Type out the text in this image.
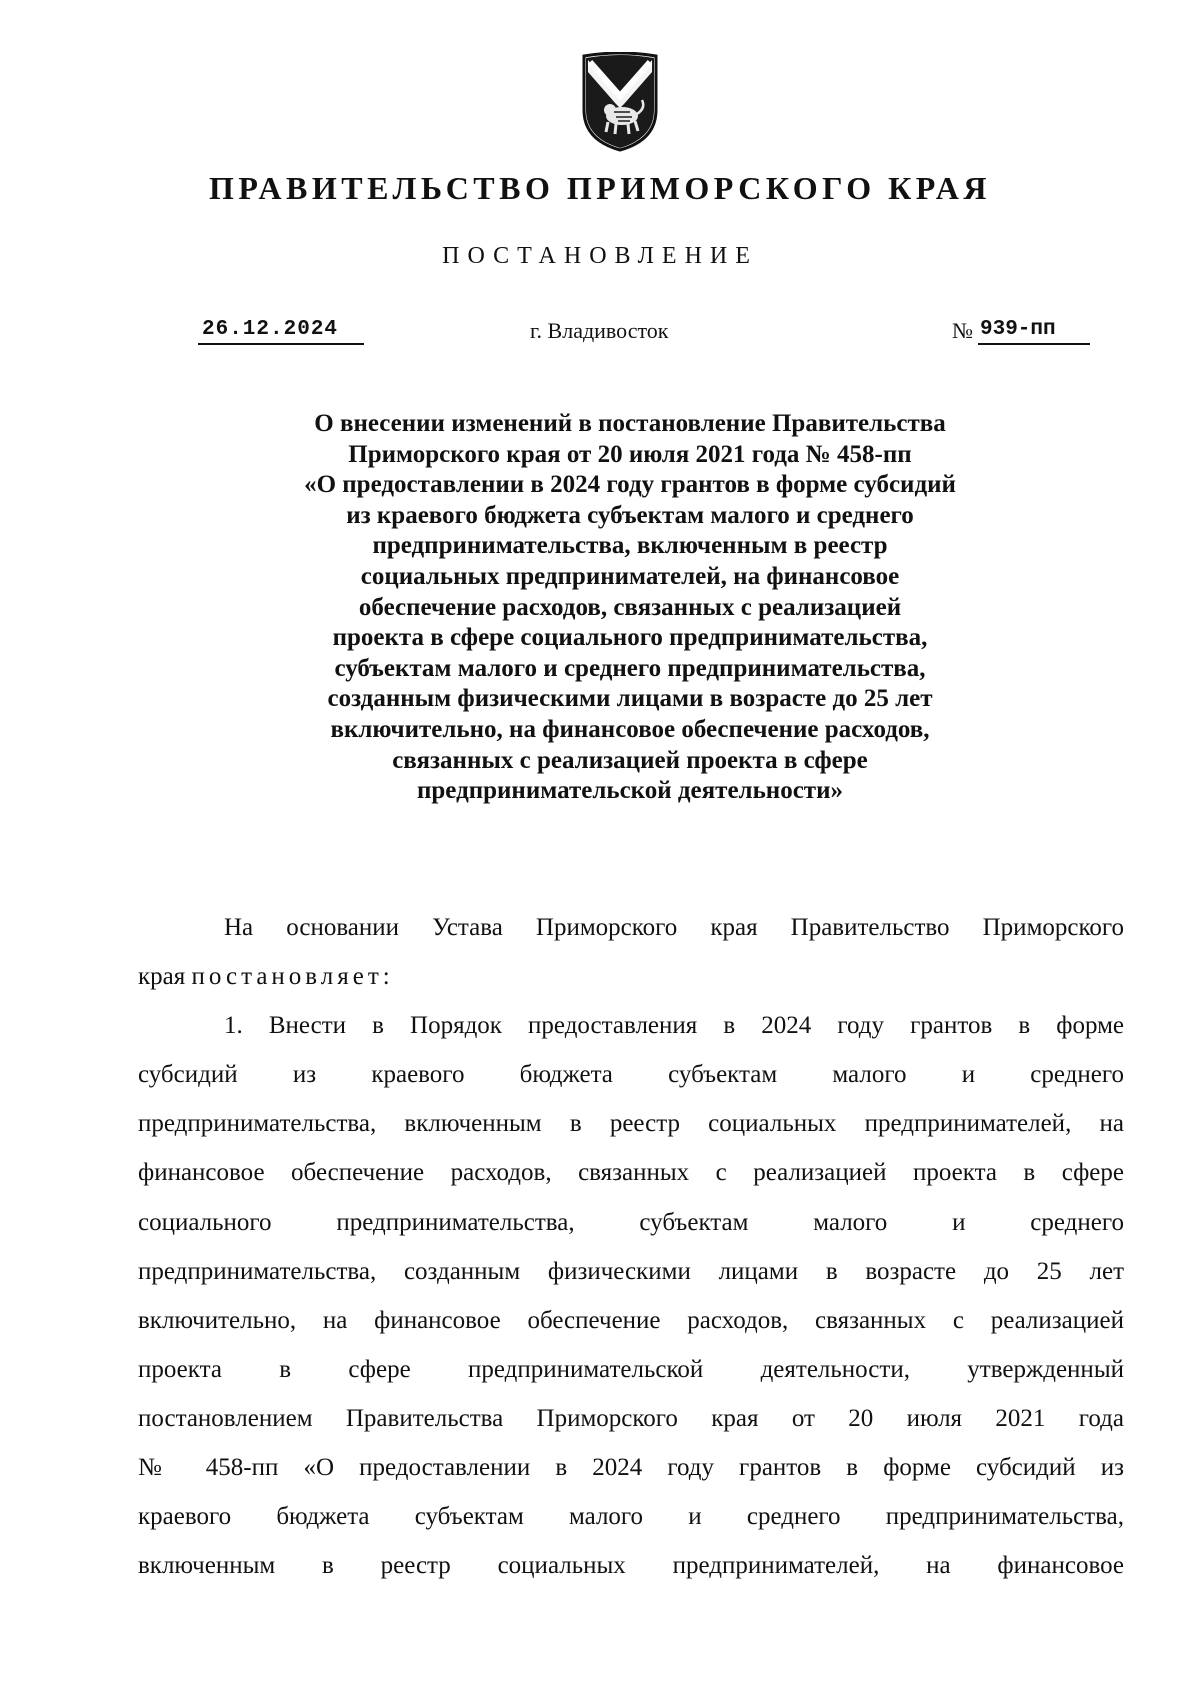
ПРАВИТЕЛЬСТВО ПРИМОРСКОГО КРАЯ
ПОСТАНОВЛЕНИЕ
26.12.2024	г. Владивосток	№ 939-пп
О внесении изменений в постановление Правительства
Приморского края от 20 июля 2021 года № 458-пп
«О предоставлении в 2024 году грантов в форме субсидий
из краевого бюджета субъектам малого и среднего
предпринимательства, включенным в реестр
социальных предпринимателей, на финансовое
обеспечение расходов, связанных с реализацией
проекта в сфере социального предпринимательства,
субъектам малого и среднего предпринимательства,
созданным физическими лицами в возрасте до 25 лет
включительно, на финансовое обеспечение расходов,
связанных с реализацией проекта в сфере
предпринимательской деятельности»
На основании Устава Приморского края Правительство Приморского
края постановляет:
1. Внести в Порядок предоставления в 2024 году грантов в форме
субсидий из краевого бюджета субъектам малого и среднего
предпринимательства, включенным в реестр социальных предпринимателей, на
финансовое обеспечение расходов, связанных с реализацией проекта в сфере
социального предпринимательства, субъектам малого и среднего
предпринимательства, созданным физическими лицами в возрасте до 25 лет
включительно, на финансовое обеспечение расходов, связанных с реализацией
проекта в сфере предпринимательской деятельности, утвержденный
постановлением Правительства Приморского края от 20 июля 2021 года
№ 458-пп «О предоставлении в 2024 году грантов в форме субсидий из
краевого бюджета субъектам малого и среднего предпринимательства,
включенным в реестр социальных предпринимателей, на финансовое
